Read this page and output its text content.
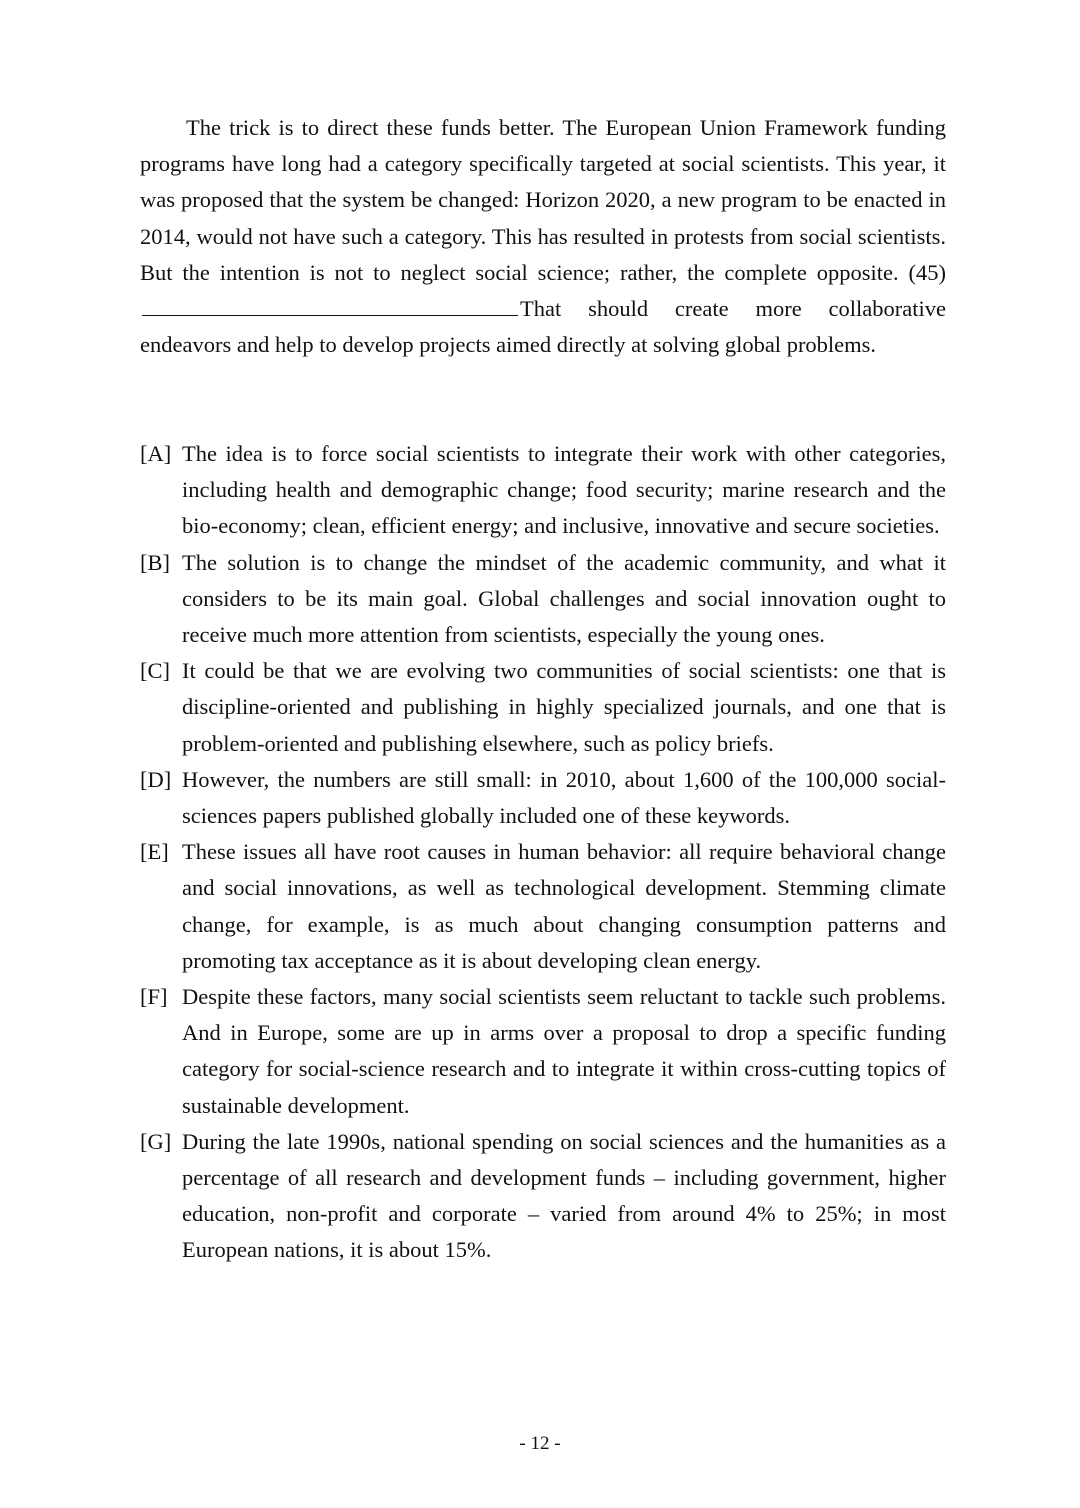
The trick is to direct these funds better. The European Union Framework funding programs have long had a category specifically targeted at social scientists. This year, it was proposed that the system be changed: Horizon 2020, a new program to be enacted in 2014, would not have such a category. This has resulted in protests from social scientists. But the intention is not to neglect social science; rather, the complete opposite. (45)That should create more collaborative endeavors and help to develop projects aimed directly at solving global problems.

[A] The idea is to force social scientists to integrate their work with other categories, including health and demographic change; food security; marine research and the bio-economy; clean, efficient energy; and inclusive, innovative and secure societies.
[B] The solution is to change the mindset of the academic community, and what it considers to be its main goal. Global challenges and social innovation ought to receive much more attention from scientists, especially the young ones.
[C] It could be that we are evolving two communities of social scientists: one that is discipline-oriented and publishing in highly specialized journals, and one that is problem-oriented and publishing elsewhere, such as policy briefs.
[D] However, the numbers are still small: in 2010, about 1,600 of the 100,000 social-sciences papers published globally included one of these keywords.
[E] These issues all have root causes in human behavior: all require behavioral change and social innovations, as well as technological development. Stemming climate change, for example, is as much about changing consumption patterns and promoting tax acceptance as it is about developing clean energy.
[F] Despite these factors, many social scientists seem reluctant to tackle such problems. And in Europe, some are up in arms over a proposal to drop a specific funding category for social-science research and to integrate it within cross-cutting topics of sustainable development.
[G] During the late 1990s, national spending on social sciences and the humanities as a percentage of all research and development funds – including government, higher education, non-profit and corporate – varied from around 4% to 25%; in most European nations, it is about 15%.
- 12 -
